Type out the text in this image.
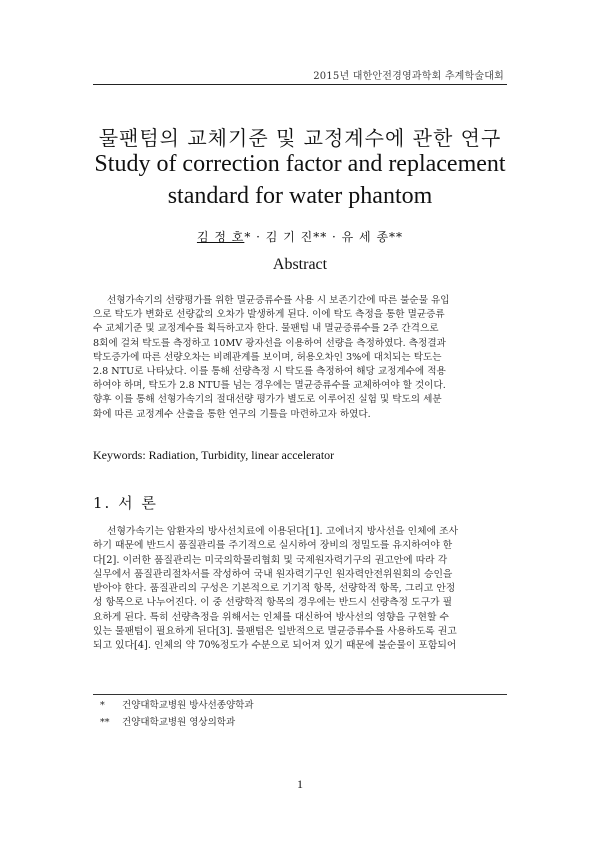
2015년 대한안전경영과학회 추계학술대회
물팬텀의 교체기준 및 교정계수에 관한 연구
Study of correction factor and replacement standard for water phantom
김 정 호* · 김 기 진** · 유 세 종**
Abstract
선형가속기의 선량평가를 위한 멸균증류수를 사용 시 보존기간에 따른 불순물 유입
으로 탁도가 변화로 선량값의 오차가 발생하게 된다. 이에 탁도 측정을 통한 멸균증류
수 교체기준 및 교정계수를 획득하고자 한다. 물팬텀 내 멸균증류수를 2주 간격으로
8회에 걸쳐 탁도를 측정하고 10MV 광자선을 이용하여 선량을 측정하였다. 측정결과
탁도증가에 따른 선량오차는 비례관계를 보이며, 허용오차인 3%에 대치되는 탁도는
2.8 NTU로 나타났다. 이를 통해 선량측정 시 탁도를 측정하여 해당 교정계수에 적용
하여야 하며, 탁도가 2.8 NTU를 넘는 경우에는 멸균증류수를 교체하여야 할 것이다.
향후 이를 통해 선형가속기의 절대선량 평가가 별도로 이루어진 실험 및 탁도의 세분
화에 따른 교정계수 산출을 통한 연구의 기틀을 마련하고자 하였다.
Keywords: Radiation, Turbidity, linear accelerator
1. 서 론
선형가속기는 암환자의 방사선치료에 이용된다[1]. 고에너지 방사선을 인체에 조사
하기 때문에 반드시 품질관리를 주기적으로 실시하여 장비의 정밀도를 유지하여야 한
다[2]. 이러한 품질관리는 미국의학물리협회 및 국제원자력기구의 권고안에 따라 각
실무에서 품질관리절차서를 작성하여 국내 원자력기구인 원자력안전위원회의 승인을
받아야 한다. 품질관리의 구성은 기본적으로 기기적 항목, 선량학적 항목, 그리고 안정
성 항목으로 나누어진다. 이 중 선량학적 항목의 경우에는 반드시 선량측정 도구가 필
요하게 된다. 특히 선량측정을 위해서는 인체를 대신하여 방사선의 영향을 구현할 수
있는 물팬텀이 필요하게 된다[3]. 물팬텀은 일반적으로 멸균증류수를 사용하도록 권고
되고 있다[4]. 인체의 약 70%정도가 수분으로 되어져 있기 때문에 불순물이 포함되어
* 건양대학교병원 방사선종양학과
** 건양대학교병원 영상의학과
1
